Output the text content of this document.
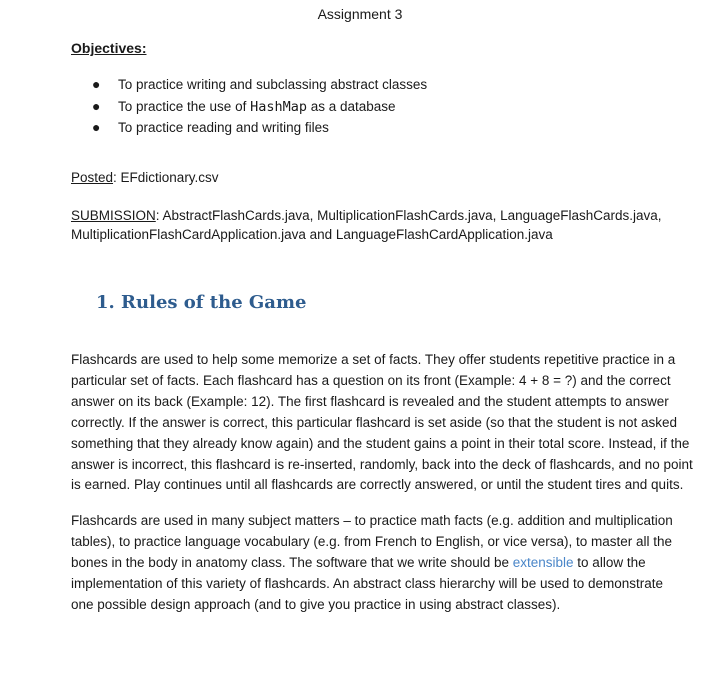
Assignment 3
Objectives:
● To practice writing and subclassing abstract classes
● To practice the use of HashMap as a database
● To practice reading and writing files
Posted: EFdictionary.csv
SUBMISSION: AbstractFlashCards.java, MultiplicationFlashCards.java, LanguageFlashCards.java,
MultiplicationFlashCardApplication.java and LanguageFlashCardApplication.java
1. Rules of the Game
Flashcards are used to help some memorize a set of facts. They offer students repetitive practice in a
particular set of facts. Each flashcard has a question on its front (Example: 4 + 8 = ?) and the correct
answer on its back (Example: 12). The first flashcard is revealed and the student attempts to answer
correctly. If the answer is correct, this particular flashcard is set aside (so that the student is not asked
something that they already know again) and the student gains a point in their total score. Instead, if the
answer is incorrect, this flashcard is re-inserted, randomly, back into the deck of flashcards, and no point
is earned. Play continues until all flashcards are correctly answered, or until the student tires and quits.
Flashcards are used in many subject matters – to practice math facts (e.g. addition and multiplication
tables), to practice language vocabulary (e.g. from French to English, or vice versa), to master all the
bones in the body in anatomy class. The software that we write should be extensible to allow the
implementation of this variety of flashcards. An abstract class hierarchy will be used to demonstrate
one possible design approach (and to give you practice in using abstract classes).
